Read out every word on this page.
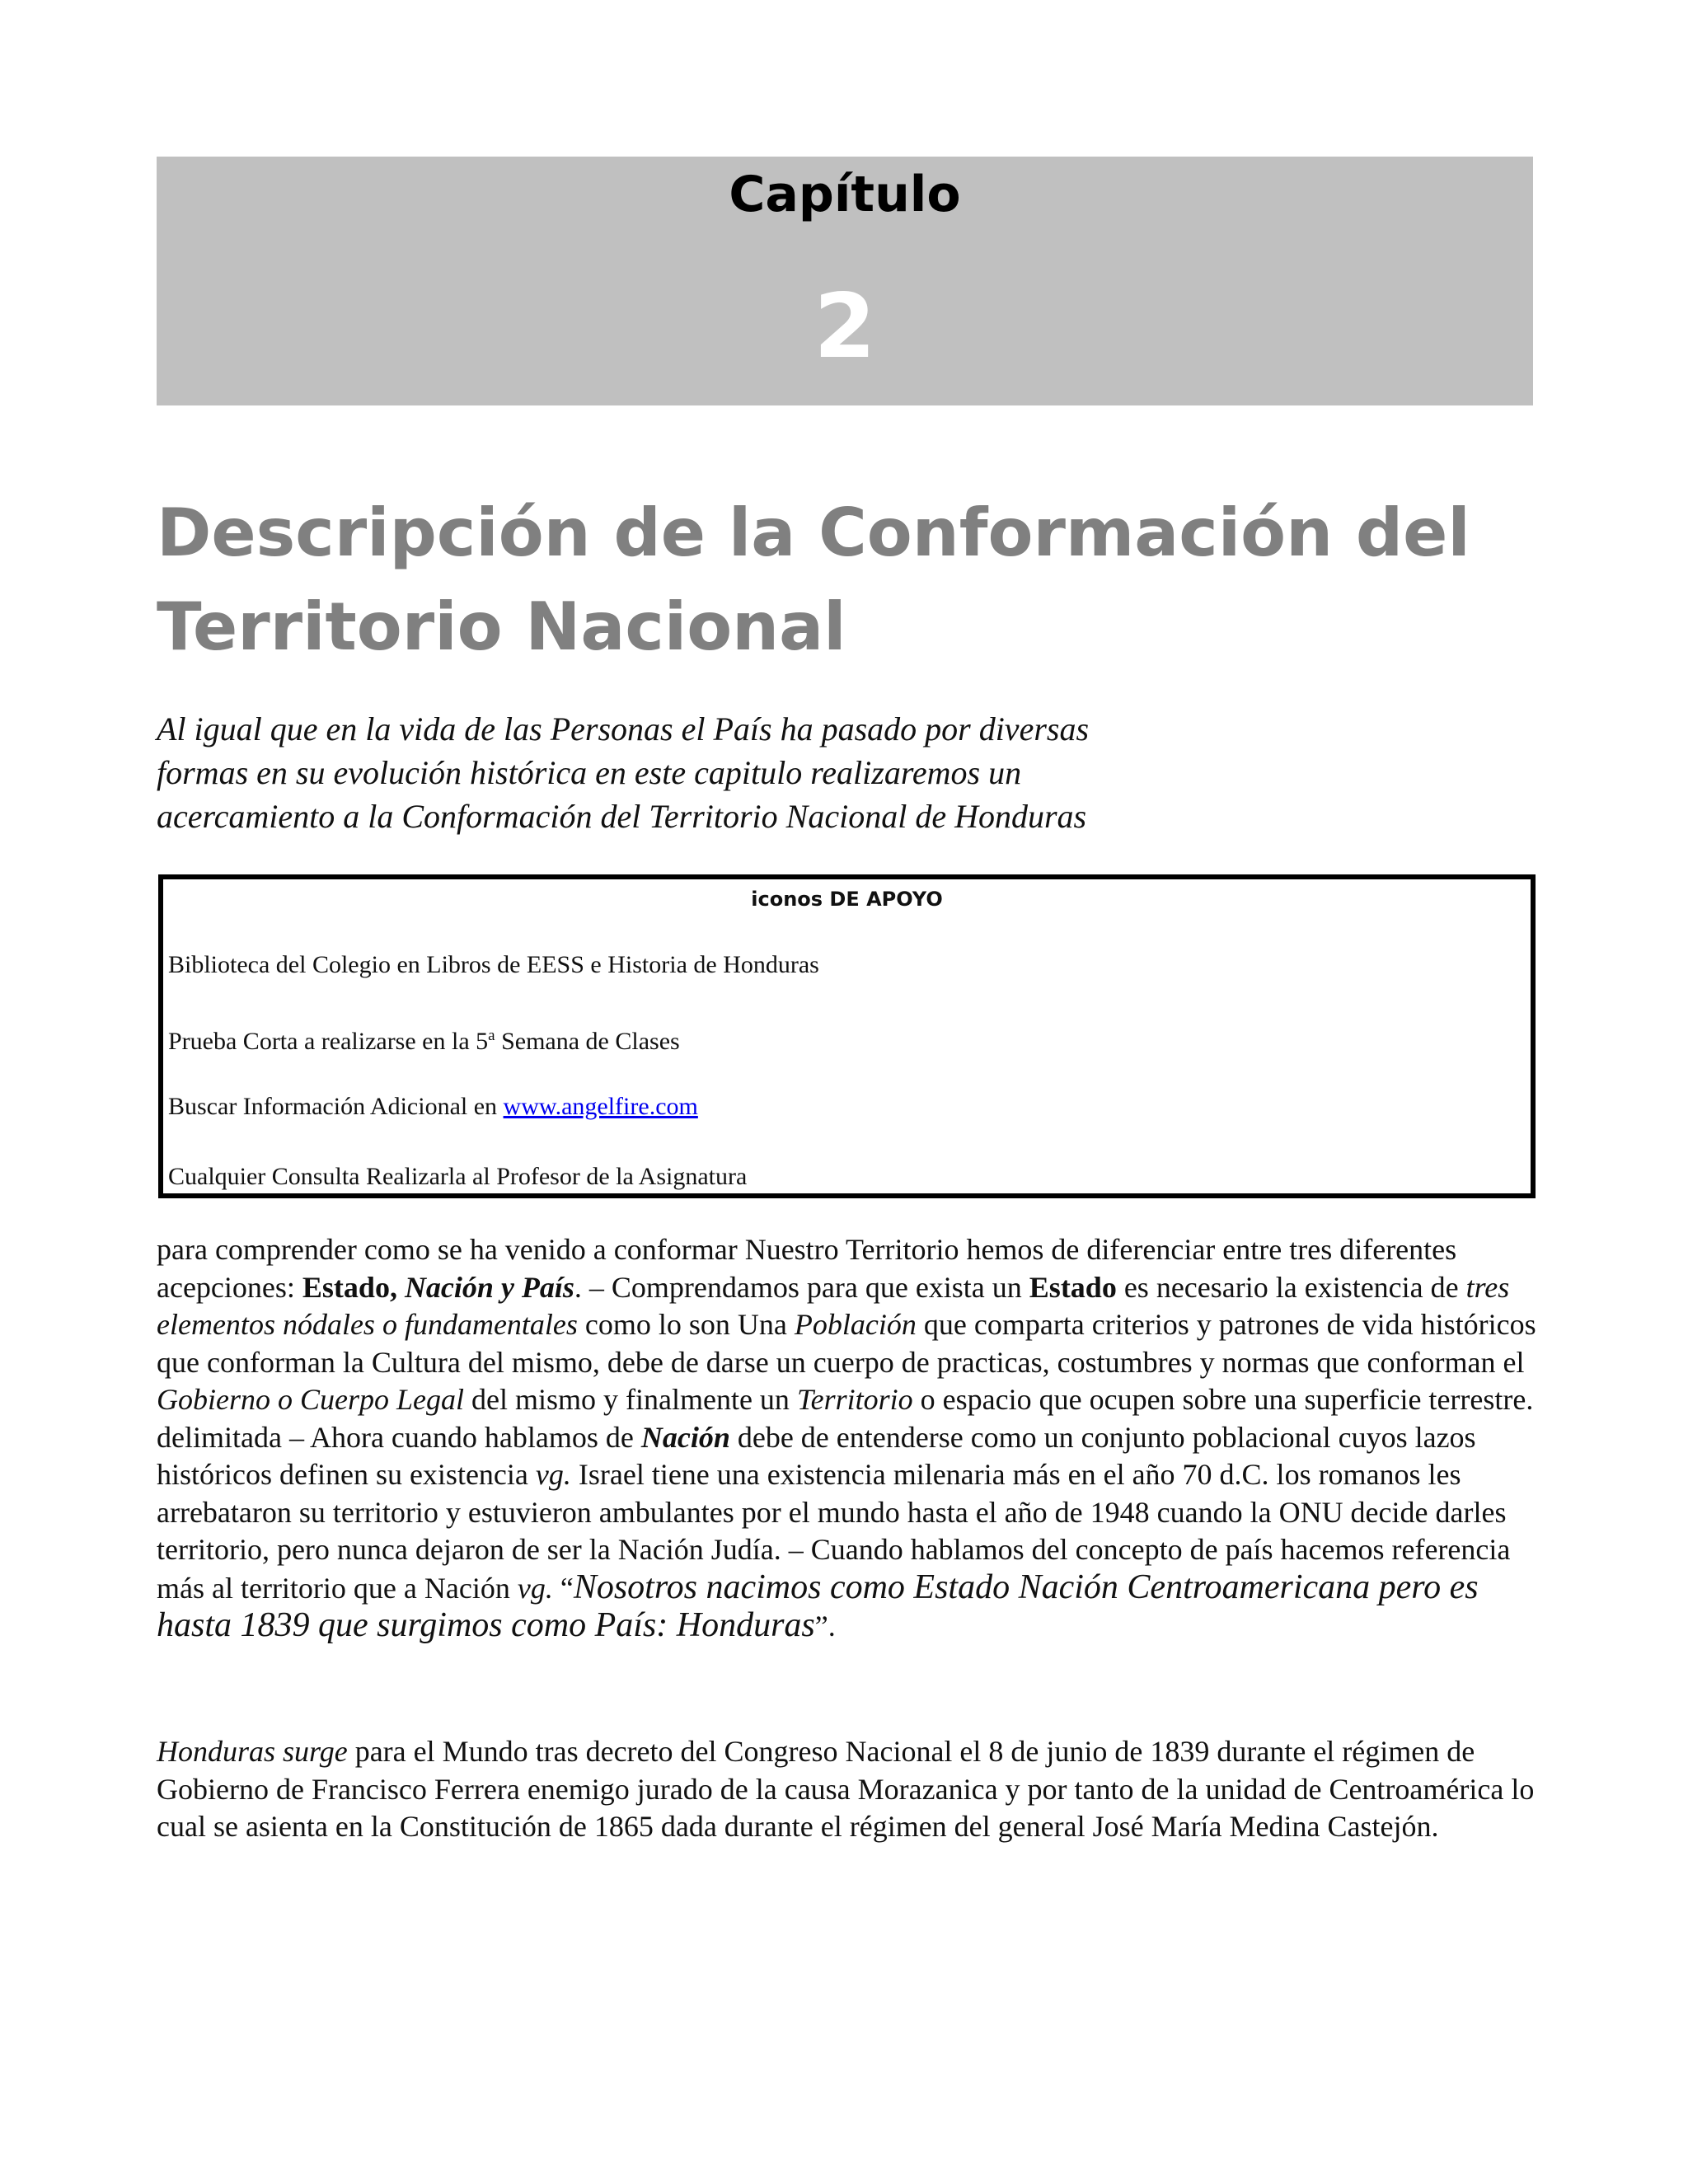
Capítulo
2
Descripción de la Conformación del
Territorio Nacional
Al igual que en la vida de las Personas el País ha pasado por diversas
formas en su evolución histórica en este capitulo realizaremos un
acercamiento a la Conformación del Territorio Nacional de Honduras
iconos DE APOYO
Biblioteca del Colegio en Libros de EESS e Historia de Honduras
Prueba Corta a realizarse en la 5$^a$ Semana de Clases
Buscar Información Adicional en www.angelfire.com
Cualquier Consulta Realizarla al Profesor de la Asignatura

para comprender como se ha venido a conformar Nuestro Territorio hemos de diferenciar entre tres diferentes acepciones: Estado, Nación y País. – Comprendamos para que exista un Estado es necesario la existencia de tres elementos nódales o fundamentales como lo son Una Población que comparta criterios y patrones de vida históricos que conforman la Cultura del mismo, debe de darse un cuerpo de practicas, costumbres y normas que conforman el Gobierno o Cuerpo Legal del mismo y finalmente un Territorio o espacio que ocupen sobre una superficie terrestre. delimitada – Ahora cuando hablamos de Nación debe de entenderse como un conjunto poblacional cuyos lazos históricos definen su existencia vg. Israel tiene una existencia milenaria más en el año 70 d.C. los romanos les arrebataron su territorio y estuvieron ambulantes por el mundo hasta el año de 1948 cuando la ONU decide darles territorio, pero nunca dejaron de ser la Nación Judía. – Cuando hablamos del concepto de país hacemos referencia más al territorio que a Nación vg. “Nosotros nacimos como Estado Nación Centroamericana pero es hasta 1839 que surgimos como País: Honduras”.

Honduras surge para el Mundo tras decreto del Congreso Nacional el 8 de junio de 1839 durante el régimen de Gobierno de Francisco Ferrera enemigo jurado de la causa Morazanica y por tanto de la unidad de Centroamérica lo cual se asienta en la Constitución de 1865 dada durante el régimen del general José María Medina Castejón.
